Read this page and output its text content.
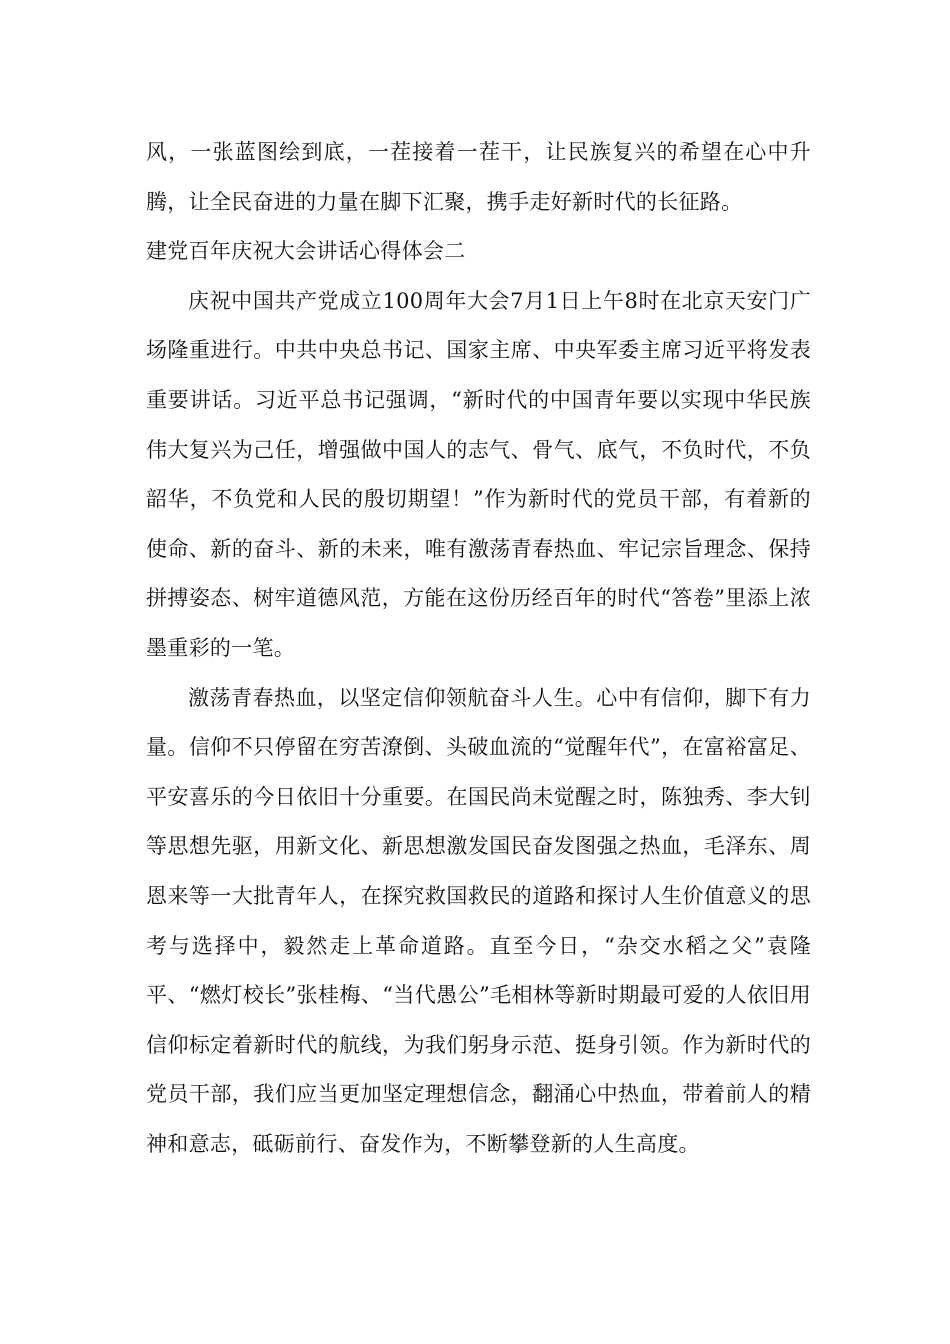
风，一张蓝图绘到底，一茬接着一茬干，让民族复兴的希望在心中升腾，让全民奋进的力量在脚下汇聚，携手走好新时代的长征路。

建党百年庆祝大会讲话心得体会二

庆祝中国共产党成立100周年大会7月1日上午8时在北京天安门广场隆重进行。中共中央总书记、国家主席、中央军委主席习近平将发表重要讲话。习近平总书记强调，“新时代的中国青年要以实现中华民族伟大复兴为己任，增强做中国人的志气、骨气、底气，不负时代，不负韶华，不负党和人民的殷切期望！”作为新时代的党员干部，有着新的使命、新的奋斗、新的未来，唯有激荡青春热血、牢记宗旨理念、保持拼搏姿态、树牢道德风范，方能在这份历经百年的时代“答卷”里添上浓墨重彩的一笔。

激荡青春热血，以坚定信仰领航奋斗人生。心中有信仰，脚下有力量。信仰不只停留在穷苦潦倒、头破血流的“觉醒年代”，在富裕富足、平安喜乐的今日依旧十分重要。在国民尚未觉醒之时，陈独秀、李大钊等思想先驱，用新文化、新思想激发国民奋发图强之热血，毛泽东、周恩来等一大批青年人，在探究救国救民的道路和探讨人生价值意义的思考与选择中，毅然走上革命道路。直至今日，“杂交水稻之父”袁隆平、“燃灯校长”张桂梅、“当代愚公”毛相林等新时期最可爱的人依旧用信仰标定着新时代的航线，为我们躬身示范、挺身引领。作为新时代的党员干部，我们应当更加坚定理想信念，翻涌心中热血，带着前人的精神和意志，砥砺前行、奋发作为，不断攀登新的人生高度。
